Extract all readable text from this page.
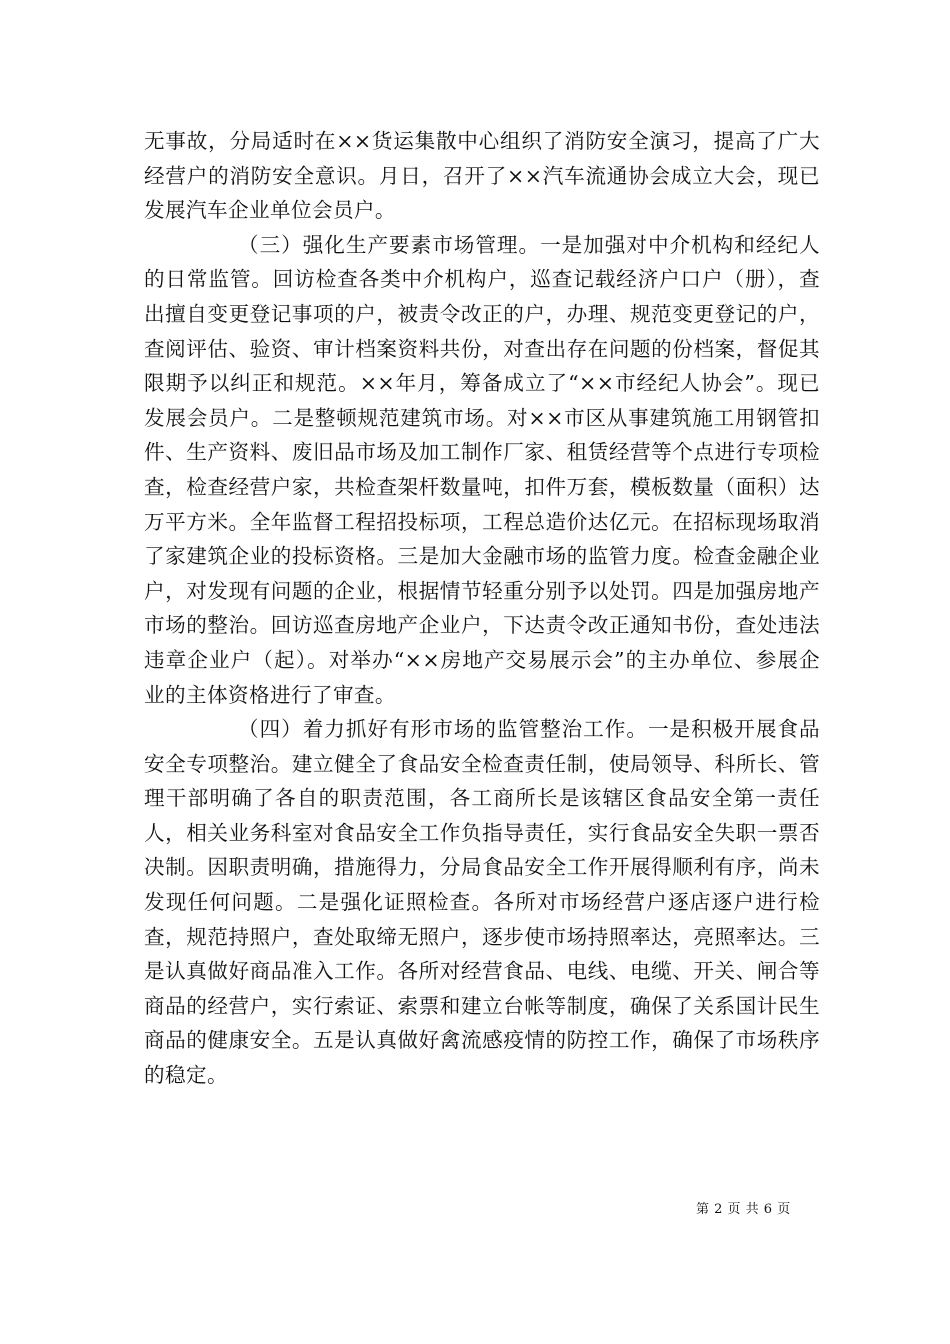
无事故，分局适时在××货运集散中心组织了消防安全演习，提高了广大经营户的消防安全意识。月日，召开了××汽车流通协会成立大会，现已发展汽车企业单位会员户。

（三）强化生产要素市场管理。一是加强对中介机构和经纪人的日常监管。回访检查各类中介机构户，巡查记载经济户口户（册），查出擅自变更登记事项的户，被责令改正的户，办理、规范变更登记的户，查阅评估、验资、审计档案资料共份，对查出存在问题的份档案，督促其限期予以纠正和规范。××年月，筹备成立了“××市经纪人协会”。现已发展会员户。二是整顿规范建筑市场。对××市区从事建筑施工用钢管扣件、生产资料、废旧品市场及加工制作厂家、租赁经营等个点进行专项检查，检查经营户家，共检查架杆数量吨，扣件万套，模板数量（面积）达万平方米。全年监督工程招投标项，工程总造价达亿元。在招标现场取消了家建筑企业的投标资格。三是加大金融市场的监管力度。检查金融企业户，对发现有问题的企业，根据情节轻重分别予以处罚。四是加强房地产市场的整治。回访巡查房地产企业户，下达责令改正通知书份，查处违法违章企业户（起）。对举办“××房地产交易展示会”的主办单位、参展企业的主体资格进行了审查。

（四）着力抓好有形市场的监管整治工作。一是积极开展食品安全专项整治。建立健全了食品安全检查责任制，使局领导、科所长、管理干部明确了各自的职责范围，各工商所长是该辖区食品安全第一责任人，相关业务科室对食品安全工作负指导责任，实行食品安全失职一票否决制。因职责明确，措施得力，分局食品安全工作开展得顺利有序，尚未发现任何问题。二是强化证照检查。各所对市场经营户逐店逐户进行检查，规范持照户，查处取缔无照户，逐步使市场持照率达，亮照率达。三是认真做好商品准入工作。各所对经营食品、电线、电缆、开关、闸合等商品的经营户，实行索证、索票和建立台帐等制度，确保了关系国计民生商品的健康安全。五是认真做好禽流感疫情的防控工作，确保了市场秩序的稳定。

第 2 页 共 6 页
